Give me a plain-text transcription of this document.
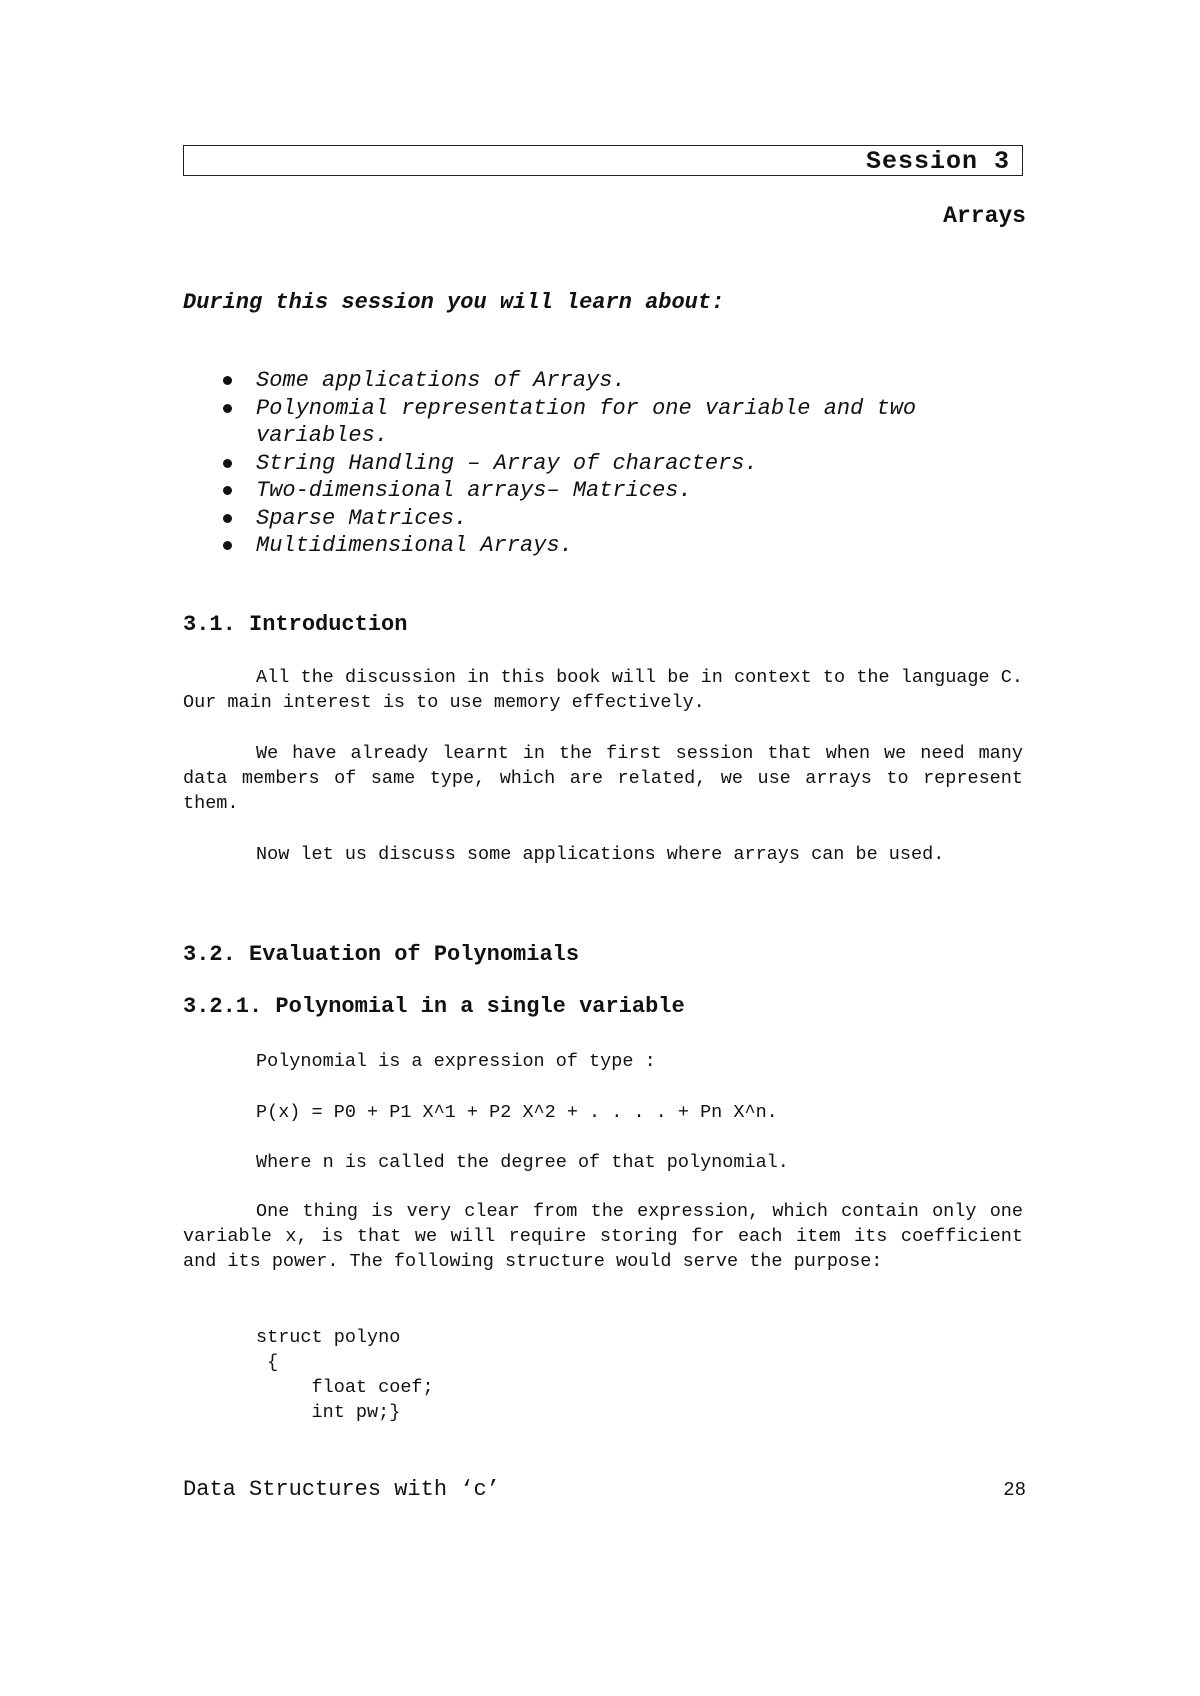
Session 3
Arrays
During this session you will learn about:
Some applications of Arrays.
Polynomial representation for one variable and two variables.
String Handling – Array of characters.
Two-dimensional arrays– Matrices.
Sparse Matrices.
Multidimensional Arrays.
3.1. Introduction

All the discussion in this book will be in context to the language C. Our main interest is to use memory effectively.

We have already learnt in the first session that when we need many data members of same type, which are related, we use arrays to represent them.

Now let us discuss some applications where arrays can be used.

3.2. Evaluation of Polynomials
3.2.1. Polynomial in a single variable
Polynomial is a expression of type :
P(x) = P0 + P1 X^1 + P2 X^2 + . . . . + Pn X^n.
Where n is called the degree of that polynomial.

One thing is very clear from the expression, which contain only one variable x, is that we will require storing for each item its coefficient and its power. The following structure would serve the purpose:

struct polyno
{
float coef;
int pw;}
Data Structures with ‘c’	28
